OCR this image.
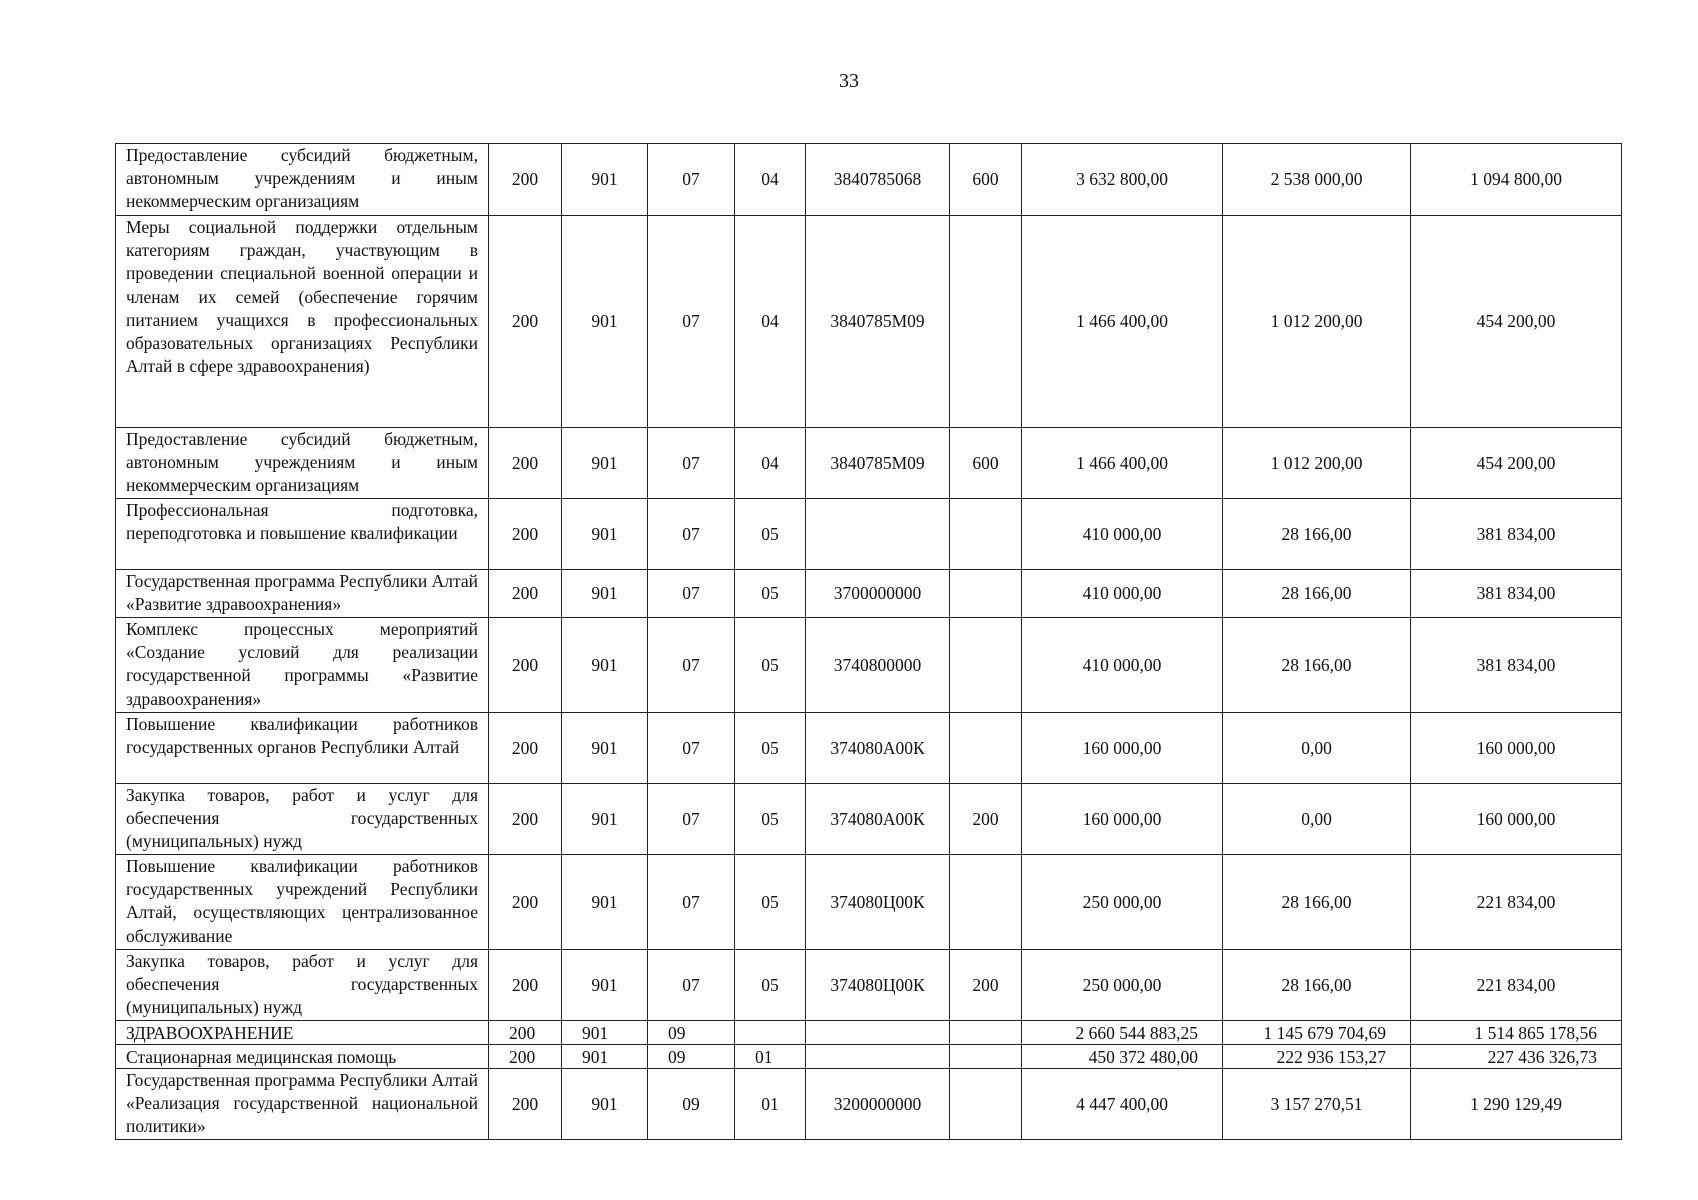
33
Предоставление субсидий бюджетным, автономным учреждениям и иным некоммерческим организациям	200	901	07	04	3840785068	600	3 632 800,00	2 538 000,00	1 094 800,00
Меры социальной поддержки отдельным категориям граждан, участвующим в проведении специальной военной операции и членам их семей (обеспечение горячим питанием учащихся в профессиональных образовательных организациях Республики Алтай в сфере здравоохранения)	200	901	07	04	3840785М09		1 466 400,00	1 012 200,00	454 200,00
Предоставление субсидий бюджетным, автономным учреждениям и иным некоммерческим организациям	200	901	07	04	3840785М09	600	1 466 400,00	1 012 200,00	454 200,00
Профессиональная подготовка, переподготовка и повышение квалификации	200	901	07	05			410 000,00	28 166,00	381 834,00
Государственная программа Республики Алтай «Развитие здравоохранения»	200	901	07	05	3700000000		410 000,00	28 166,00	381 834,00
Комплекс процессных мероприятий «Создание условий для реализации государственной программы «Развитие здравоохранения»	200	901	07	05	3740800000		410 000,00	28 166,00	381 834,00
Повышение квалификации работников государственных органов Республики Алтай	200	901	07	05	374080А00К		160 000,00	0,00	160 000,00
Закупка товаров, работ и услуг для обеспечения государственных (муниципальных) нужд	200	901	07	05	374080А00К	200	160 000,00	0,00	160 000,00
Повышение квалификации работников государственных учреждений Республики Алтай, осуществляющих централизованное обслуживание	200	901	07	05	374080Ц00К		250 000,00	28 166,00	221 834,00
Закупка товаров, работ и услуг для обеспечения государственных (муниципальных) нужд	200	901	07	05	374080Ц00К	200	250 000,00	28 166,00	221 834,00
ЗДРАВООХРАНЕНИЕ	200	901	09				2 660 544 883,25	1 145 679 704,69	1 514 865 178,56
Стационарная медицинская помощь	200	901	09	01			450 372 480,00	222 936 153,27	227 436 326,73
Государственная программа Республики Алтай «Реализация государственной национальной политики»	200	901	09	01	3200000000		4 447 400,00	3 157 270,51	1 290 129,49
